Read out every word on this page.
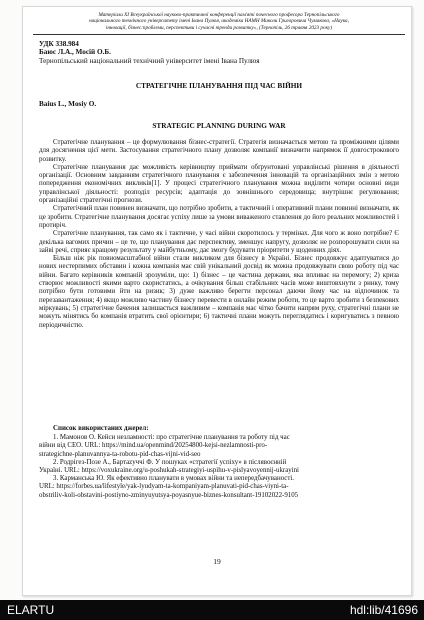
Матеріали ХІ Всеукраїнської науково-практичної конференції пам'яті почесного професора Тернопільського
національного технічного університету імені Івана Пулюя, академіка НАМН Миколи Григоровича Чумакова, «Наука,
інновації, бізнес:проблеми, перспективи і сучасні тренди розвитку», (Тернопіль, 26 травня 2023 року)

УДК 338.984

Баюс Л.А., Мосій О.Б.

Тернопільський національний технічний університет імені Івана Пулюя

СТРАТЕГІЧНЕ ПЛАНУВАННЯ ПІД ЧАС ВІЙНИ

Baius L., Mosiy O.

STRATEGIC PLANNING DURING WAR

Стратегічне планування – це формулювання бізнес-стратегії. Стратегія визначається метою та проміжними цілями для досягнення цієї мети. Застосування стратегічного плану дозволяє компанії визначити напрямок її довгострокового розвитку.

Стратегічне планування дає можливість керівництву приймати обґрунтовані управлінські рішення в діяльності організації. Основним завданням стратегічного планування є забезпечення інновацій та організаційних змін з метою попередження економічних викликів[1]. У процесі стратегічного планування можна виділити чотири основні види управлінської діяльності: розподіл ресурсів; адаптація до зовнішнього середовища; внутрішнє регулювання; організаційні стратегічні прогнози.

Стратегічний план повинен визначати, що потрібно зробити, а тактичний і оперативний плани повинні визначати, як це зробити. Стратегічне планування досягає успіху лише за умови виваженого ставлення до його реальних можливостей і протиріч.

Стратегічне планування, так само як і тактичне, у часі війни скоротилось у термінах. Для чого ж воно потрібне? Є декілька вагомих причин – це те, що планування дає перспективу, зменшує напругу, дозволяє не розпорошувати сили на зайві речі, сприяє кращому результату у майбутньому, дає змогу будувати пріоритети у щоденних діях.

Більш ніж рік повномасштабної війни стали викликом для бізнесу в Україні. Бізнес продовжує адаптуватися до нових нестерпимих обставин і кожна компанія має свій унікальний досвід як можна продовжувати свою роботу під час війни. Багато керівників компаній зрозуміли, що: 1) бізнес – це частина держави, яка впливає на перемогу; 2) криза створює можливості якими варто скористатись, а очікування більш стабільних часів може виштовхнути з ринку, тому потрібно бути готовими йти на ризик; 3) дуже важливо берегти персонал даючи йому час на відпочинок та перезавантаження; 4) якщо можливо частину бізнесу перевести в онлайн режим роботи, то це варто зробити з безпекових міркувань; 5) стратегічне бачення залишається важливим – компанія має чітко бачити напрям руху, стратегічні плани не можуть мінятись бо компанія втратить свої орієнтири; 6) тактичні плани можуть переглядатись і коригуватись з певною періодичністю.

Список використаних джерел:

1. Мамонов О. Кейси незламності: про стратегічне планування та роботу під час

війни від CEO. URL: https://mind.ua/openmind/20254800-kejsi-nezlamnosti-pro-

strategichne-planuvannya-ta-robotu-pid-chas-vijni-vid-seo

2. Родрігез-Позе А., Бартаzуччі Ф. У пошуках «стратегії успіху» в післявоєнній

Україні. URL: https://voxukraine.org/u-poshukah-strategiyi-uspihu-v-pislyavoyennij-ukrayini

3. Карманська Ю. Як ефективно планувати в умовах війни та непередбачуваності.

URL: https://forbes.ua/lifestyle/yak-lyudyam-ta-kompaniyam-planuvati-pid-chas-viyni-ta-

obstriliv-koli-obstavini-postiyno-zminyuyutsya-poyasnyue-biznes-konsultant-19102022-9105

19
ELARTU	hdl:lib/41696
